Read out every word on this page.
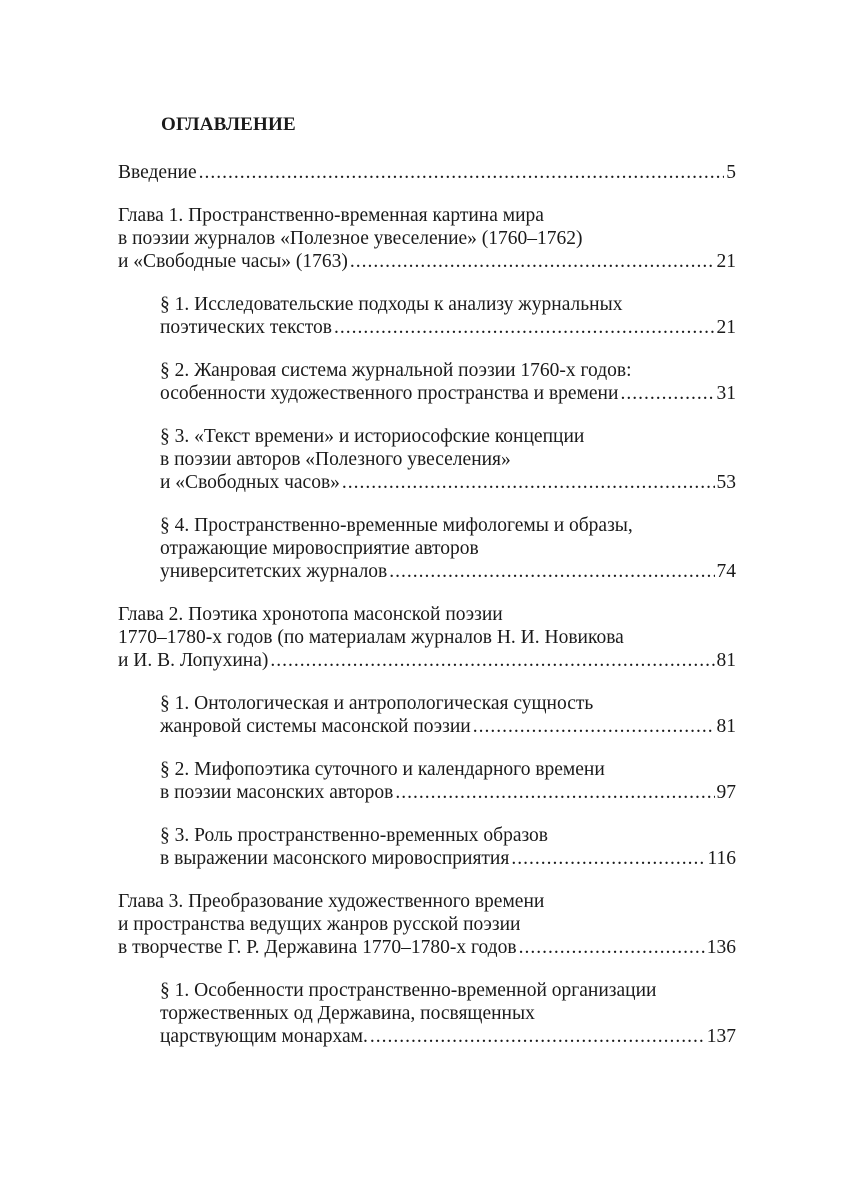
ОГЛАВЛЕНИЕ
Введение .....	5
Глава 1. Пространственно-временная картина мира
в поэзии журналов «Полезное увеселение» (1760–1762)
и «Свободные часы» (1763) .....	21
§ 1. Исследовательские подходы к анализу журнальных
поэтических текстов .....	21
§ 2. Жанровая система журнальной поэзии 1760-х годов:
особенности художественного пространства и времени .....	31
§ 3. «Текст времени» и историософские концепции
в поэзии авторов «Полезного увеселения»
и «Свободных часов» .....	53
§ 4. Пространственно-временные мифологемы и образы,
отражающие мировосприятие авторов
университетских журналов .....	74
Глава 2. Поэтика хронотопа масонской поэзии
1770–1780-х годов (по материалам журналов Н. И. Новикова
и И. В. Лопухина) .....	81
§ 1. Онтологическая и антропологическая сущность
жанровой системы масонской поэзии .....	81
§ 2. Мифопоэтика суточного и календарного времени
в поэзии масонских авторов .....	97
§ 3. Роль пространственно-временных образов
в выражении масонского мировосприятия .....	116
Глава 3. Преобразование художественного времени
и пространства ведущих жанров русской поэзии
в творчестве Г. Р. Державина 1770–1780-х годов .....	136
§ 1. Особенности пространственно-временной организации
торжественных од Державина, посвященных
царствующим монархам. .....	137
